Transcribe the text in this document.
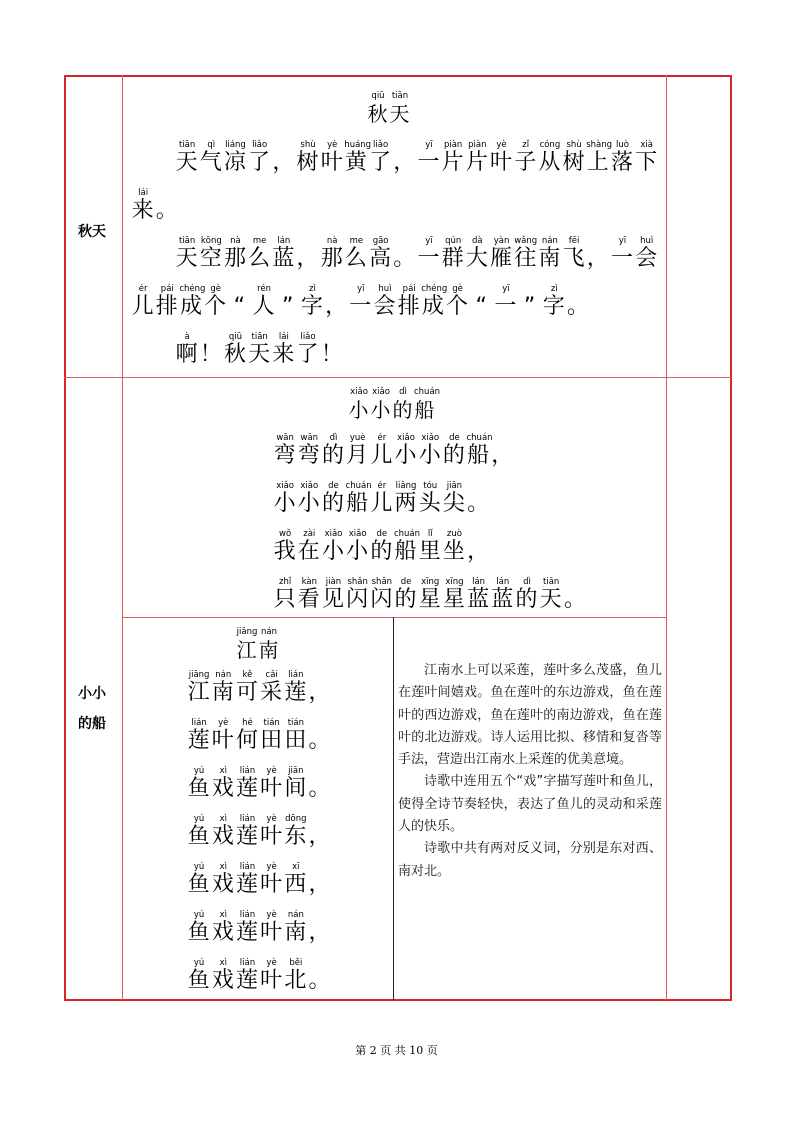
秋天
小小
的船
qiū
秋
tiān
天
tiān
天
qì
气
liáng
凉
liǎo
了 ，
shù
树
yè
叶
huáng
黄
liǎo
了 ，
yī
一
piàn
片
piàn
片
yè
叶
zǐ
子
cóng
从
shù
树
shàng
上
luò
落
xià
下
lái
来 。
tiān
天
kōng
空
nà
那
me
么
lán
蓝 ，
nà
那
me
么
gāo
高 。
yī
一
qún
群
dà
大
yàn
雁
wǎng
往
nán
南
fēi
飞 ，
yī
一
huì
会
ér
儿
pái
排
chéng
成
gè
个 “
rén
人 ”
zì
字 ，
yī
一
huì
会
pái
排
chéng
成
gè
个 “
yī
一 ”
zì
字 。
à
啊 ！
qiū
秋
tiān
天
lái
来
liǎo
了 ！
xiǎo
小
xiǎo
小
dì
的
chuán
船
wān
弯
wān
弯
dì
的
yuè
月
ér
儿
xiǎo
小
xiǎo
小
de
的
chuán
船 ，
xiǎo
小
xiǎo
小
de
的
chuán
船
ér
儿
liǎng
两
tóu
头
jiān
尖 。
wǒ
我
zài
在
xiǎo
小
xiǎo
小
de
的
chuán
船
lǐ
里
zuò
坐 ，
zhǐ
只
kàn
看
jiàn
见
shǎn
闪
shǎn
闪
de
的
xīng
星
xīng
星
lán
蓝
lán
蓝
dì
的
tiān
天 。
jiāng
江
nán
南
jiāng
江
nán
南
kě
可
cǎi
采
lián
莲 ，
lián
莲
yè
叶
hé
何
tián
田
tián
田 。
yú
鱼
xì
戏
lián
莲
yè
叶
jiān
间 。
yú
鱼
xì
戏
lián
莲
yè
叶
dōng
东 ，
yú
鱼
xì
戏
lián
莲
yè
叶
xī
西 ，
yú
鱼
xì
戏
lián
莲
yè
叶
nán
南 ，
yú
鱼
xì
戏
lián
莲
yè
叶
běi
北 。

江南水上可以采莲，莲叶多么茂盛，鱼儿在莲叶间嬉戏。鱼在莲叶的东边游戏，鱼在莲叶的西边游戏，鱼在莲叶的南边游戏，鱼在莲叶的北边游戏。诗人运用比拟、移情和复沓等手法，营造出江南水上采莲的优美意境。

诗歌中连用五个“戏”字描写莲叶和鱼儿，使得全诗节奏轻快，表达了鱼儿的灵动和采莲人的快乐。

诗歌中共有两对反义词，分别是东对西、南对北。

第 2 页 共 10 页
